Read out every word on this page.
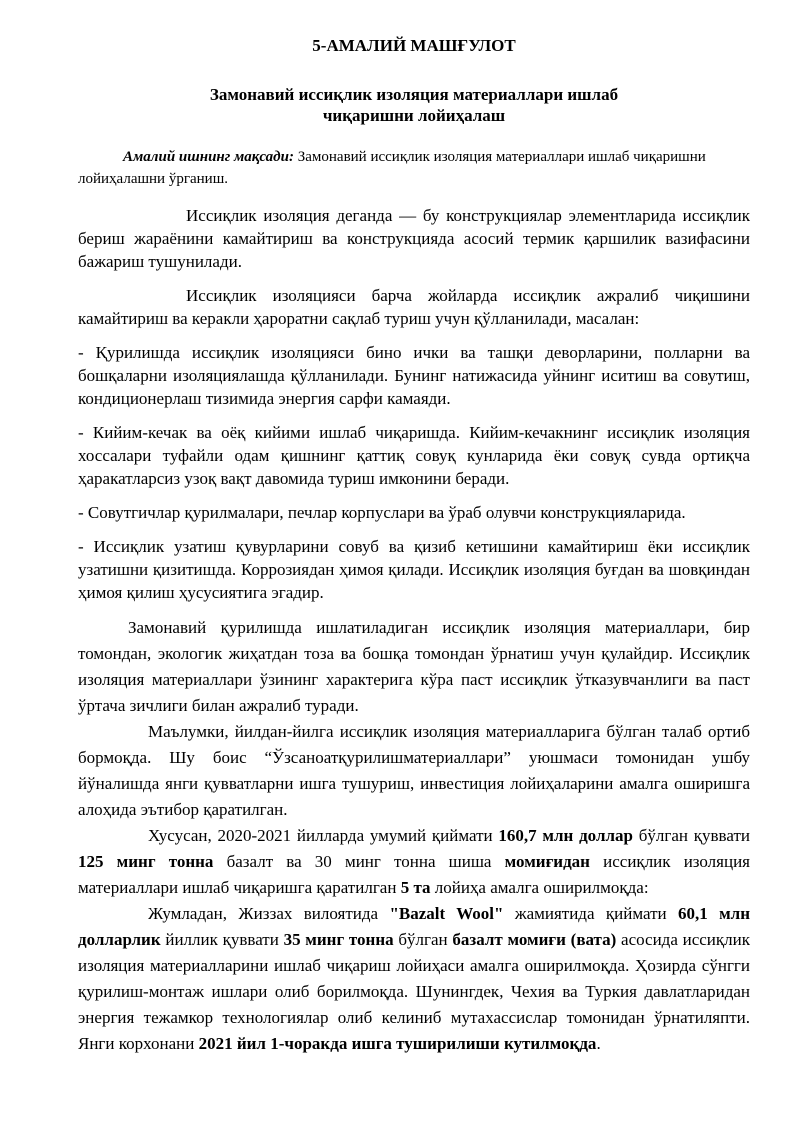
5-АМАЛИЙ МАШҒУЛОТ
Замонавий иссиқлик изоляция материаллари ишлаб
чиқаришни лойиҳалаш

Амалий ишнинг мақсади: Замонавий иссиқлик изоляция материаллари ишлаб чиқаришни лойиҳалашни ўрганиш.

Иссиқлик изоляция деганда — бу конструкциялар элементларида иссиқлик бериш жараёнини камайтириш ва конструкцияда асосий термик қаршилик вазифасини бажариш тушунилади.

Иссиқлик изоляцияси барча жойларда иссиқлик ажралиб чиқишини камайтириш ва керакли ҳароратни сақлаб туриш учун қўлланилади, масалан:

- Қурилишда иссиқлик изоляцияси бино ички ва ташқи деворларини, полларни ва бошқаларни изоляциялашда қўлланилади. Бунинг натижасида уйнинг иситиш ва совутиш, кондиционерлаш тизимида энергия сарфи камаяди.

- Кийим-кечак ва оёқ кийими ишлаб чиқаришда. Кийим-кечакнинг иссиқлик изоляция хоссалари туфайли одам қишнинг қаттиқ совуқ кунларида ёки совуқ сувда ортиқча ҳаракатларсиз узоқ вақт давомида туриш имконини беради.

- Совутгичлар қурилмалари, печлар корпуслари ва ўраб олувчи конструкцияларида.

- Иссиқлик узатиш қувурларини совуб ва қизиб кетишини камайтириш ёки иссиқлик узатишни қизитишда. Коррозиядан ҳимоя қилади. Иссиқлик изоляция буғдан ва шовқиндан ҳимоя қилиш ҳусусиятига эгадир.

Замонавий қурилишда ишлатиладиган иссиқлик изоляция материаллари, бир томондан, экологик жиҳатдан тоза ва бошқа томондан ўрнатиш учун қулайдир. Иссиқлик изоляция материаллари ўзининг характерига кўра паст иссиқлик ўтказувчанлиги ва паст ўртача зичлиги билан ажралиб туради.

Маълумки, йилдан-йилга иссиқлик изоляция материалларига бўлган талаб ортиб бормоқда. Шу боис “Ўзсаноатқурилишматериаллари” уюшмаси томонидан ушбу йўналишда янги қувватларни ишга тушуриш, инвестиция лойиҳаларини амалга оширишга алоҳида эътибор қаратилган.

Хусусан, 2020-2021 йилларда умумий қиймати 160,7 млн доллар бўлган қуввати 125 минг тонна базалт ва 30 минг тонна шиша момиғидан иссиқлик изоляция материаллари ишлаб чиқаришга қаратилган 5 та лойиҳа амалга оширилмоқда:

Жумладан, Жиззах вилоятида "Bazalt Wool" жамиятида қиймати 60,1 млн долларлик йиллик қуввати 35 минг тонна бўлган базалт момиғи (вата) асосида иссиқлик изоляция материалларини ишлаб чиқариш лойиҳаси амалга оширилмоқда. Ҳозирда сўнгги қурилиш-монтаж ишлари олиб борилмоқда. Шунингдек, Чехия ва Туркия давлатларидан энергия тежамкор технологиялар олиб келиниб мутахассислар томонидан ўрнатиляпти. Янги корхонани 2021 йил 1-чоракда ишга туширилиши кутилмоқда.
